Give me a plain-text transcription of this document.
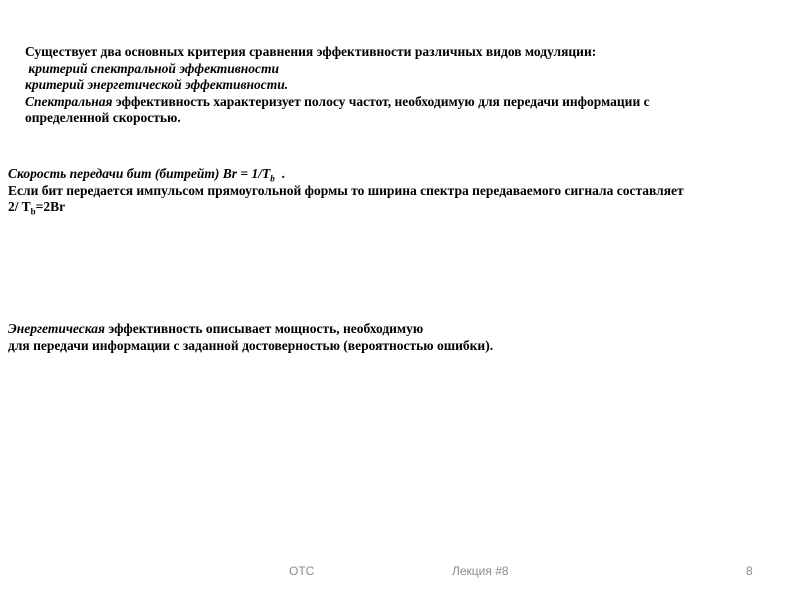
Существует два основных критерия сравнения эффективности различных видов модуляции:
критерий спектральной эффективности
критерий энергетической эффективности.
Спектральная эффективность характеризует полосу частот, необходимую для передачи информации с
определенной скоростью.
Скорость передачи бит (битрейт) $Br = 1/T_b$  .
Если бит передается импульсом прямоугольной формы то ширина спектра передаваемого сигнала составляет
2/ $T_b=2Br$
Энергетическая эффективность описывает мощность, необходимую
для передачи информации с заданной достоверностью (вероятностью ошибки).
ОТС	Лекция #8	8
